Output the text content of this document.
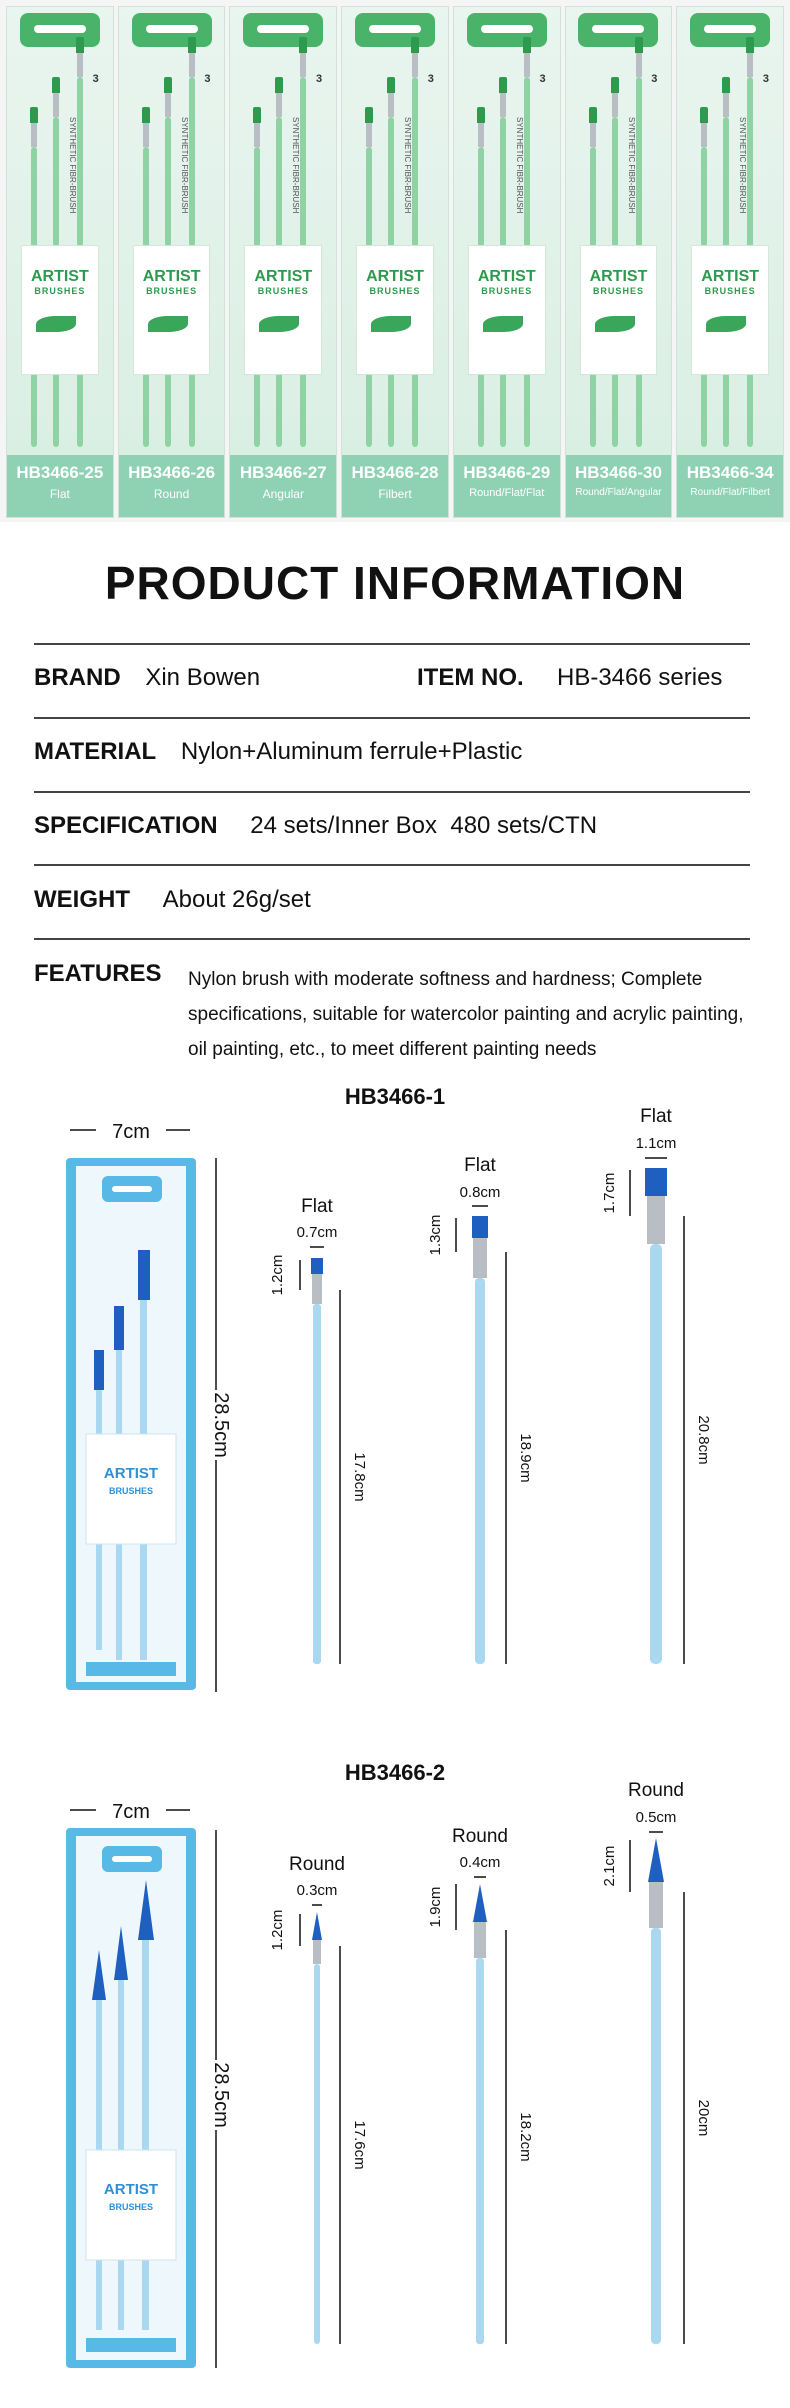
3
ARTIST
BRUSHES
SYNTHETIC FIBR-BRUSH
HB3466-25
Flat
3
ARTIST
BRUSHES
SYNTHETIC FIBR-BRUSH
HB3466-26
Round
3
ARTIST
BRUSHES
SYNTHETIC FIBR-BRUSH
HB3466-27
Angular
3
ARTIST
BRUSHES
SYNTHETIC FIBR-BRUSH
HB3466-28
Filbert
3
ARTIST
BRUSHES
SYNTHETIC FIBR-BRUSH
HB3466-29
Round/Flat/Flat
3
ARTIST
BRUSHES
SYNTHETIC FIBR-BRUSH
HB3466-30
Round/Flat/Angular
3
ARTIST
BRUSHES
SYNTHETIC FIBR-BRUSH
HB3466-34
Round/Flat/Filbert
PRODUCT INFORMATION
BRAND Xin Bowen	ITEM NO. HB-3466 series
MATERIAL Nylon+Aluminum ferrule+Plastic
SPECIFICATION 24 sets/Inner Box  480 sets/CTN
WEIGHT About 26g/set
FEATURES	Nylon brush with moderate softness and hardness; Complete specifications, suitable for watercolor painting and acrylic painting, oil painting, etc., to meet different painting needs
HB3466-1
ARTIST
BRUSHES
7cm
28.5cm
Flat
0.7cm
1.2cm
17.8cm
Flat
0.8cm
1.3cm
18.9cm
Flat
1.1cm
1.7cm
20.8cm
HB3466-2
ARTIST
BRUSHES
7cm
28.5cm
Round
0.3cm
1.2cm
17.6cm
Round
0.4cm
1.9cm
18.2cm
Round
0.5cm
2.1cm
20cm
